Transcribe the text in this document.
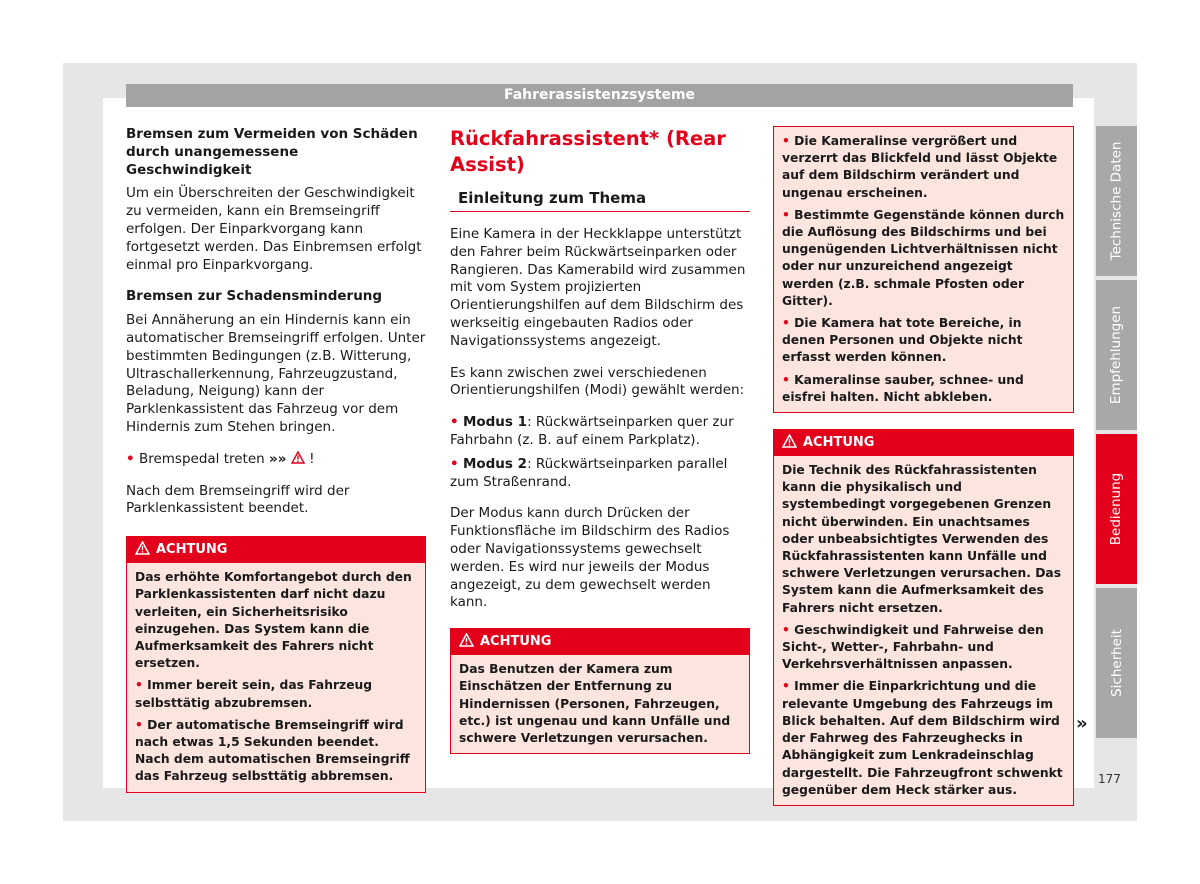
Fahrerassistenzsysteme

Bremsen zum Vermeiden von Schäden durch unangemessene Geschwindigkeit

Um ein Überschreiten der Geschwindigkeit zu vermeiden, kann ein Bremseingriff erfolgen. Der Einparkvorgang kann fortgesetzt werden. Das Einbremsen erfolgt einmal pro Einparkvorgang.

Bremsen zur Schadensminderung

Bei Annäherung an ein Hindernis kann ein automatischer Bremseingriff erfolgen. Unter bestimmten Bedingungen (z.B. Witterung, Ultraschallerkennung, Fahrzeugzustand, Beladung, Neigung) kann der Parklenkassistent das Fahrzeug vor dem Hindernis zum Stehen bringen.

• Bremspedal treten »» !

Nach dem Bremseingriff wird der Parklenkassistent beendet.

ACHTUNG

Das erhöhte Komfortangebot durch den Parklenkassistenten darf nicht dazu verleiten, ein Sicherheitsrisiko einzugehen. Das System kann die Aufmerksamkeit des Fahrers nicht ersetzen.

• Immer bereit sein, das Fahrzeug selbsttätig abzubremsen.

• Der automatische Bremseingriff wird nach etwas 1,5 Sekunden beendet. Nach dem automatischen Bremseingriff das Fahrzeug selbsttätig abbremsen.

Rückfahrassistent* (Rear Assist)
Einleitung zum Thema

Eine Kamera in der Heckklappe unterstützt den Fahrer beim Rückwärtseinparken oder Rangieren. Das Kamerabild wird zusammen mit vom System projizierten Orientierungshilfen auf dem Bildschirm des werkseitig eingebauten Radios oder Navigationssystems angezeigt.

Es kann zwischen zwei verschiedenen Orientierungshilfen (Modi) gewählt werden:

• Modus 1: Rückwärtseinparken quer zur Fahrbahn (z. B. auf einem Parkplatz).

• Modus 2: Rückwärtseinparken parallel zum Straßenrand.

Der Modus kann durch Drücken der Funktionsfläche im Bildschirm des Radios oder Navigationssystems gewechselt werden. Es wird nur jeweils der Modus angezeigt, zu dem gewechselt werden kann.

ACHTUNG

Das Benutzen der Kamera zum Einschätzen der Entfernung zu Hindernissen (Personen, Fahrzeugen, etc.) ist ungenau und kann Unfälle und schwere Verletzungen verursachen.

• Die Kameralinse vergrößert und verzerrt das Blickfeld und lässt Objekte auf dem Bildschirm verändert und ungenau erscheinen.

• Bestimmte Gegenstände können durch die Auflösung des Bildschirms und bei ungenügenden Lichtverhältnissen nicht oder nur unzureichend angezeigt werden (z.B. schmale Pfosten oder Gitter).

• Die Kamera hat tote Bereiche, in denen Personen und Objekte nicht erfasst werden können.

• Kameralinse sauber, schnee- und eisfrei halten. Nicht abkleben.

ACHTUNG

Die Technik des Rückfahrassistenten kann die physikalisch und systembedingt vorgegebenen Grenzen nicht überwinden. Ein unachtsames oder unbeabsichtigtes Verwenden des Rückfahrassistenten kann Unfälle und schwere Verletzungen verursachen. Das System kann die Aufmerksamkeit des Fahrers nicht ersetzen.

• Geschwindigkeit und Fahrweise den Sicht-, Wetter-, Fahrbahn- und Verkehrsverhältnissen anpassen.

• Immer die Einparkrichtung und die relevante Umgebung des Fahrzeugs im Blick behalten. Auf dem Bildschirm wird der Fahrweg des Fahrzeughecks in Abhängigkeit zum Lenkradeinschlag dargestellt. Die Fahrzeugfront schwenkt gegenüber dem Heck stärker aus.

»
Technische Daten
Empfehlungen
Bedienung
Sicherheit
177
